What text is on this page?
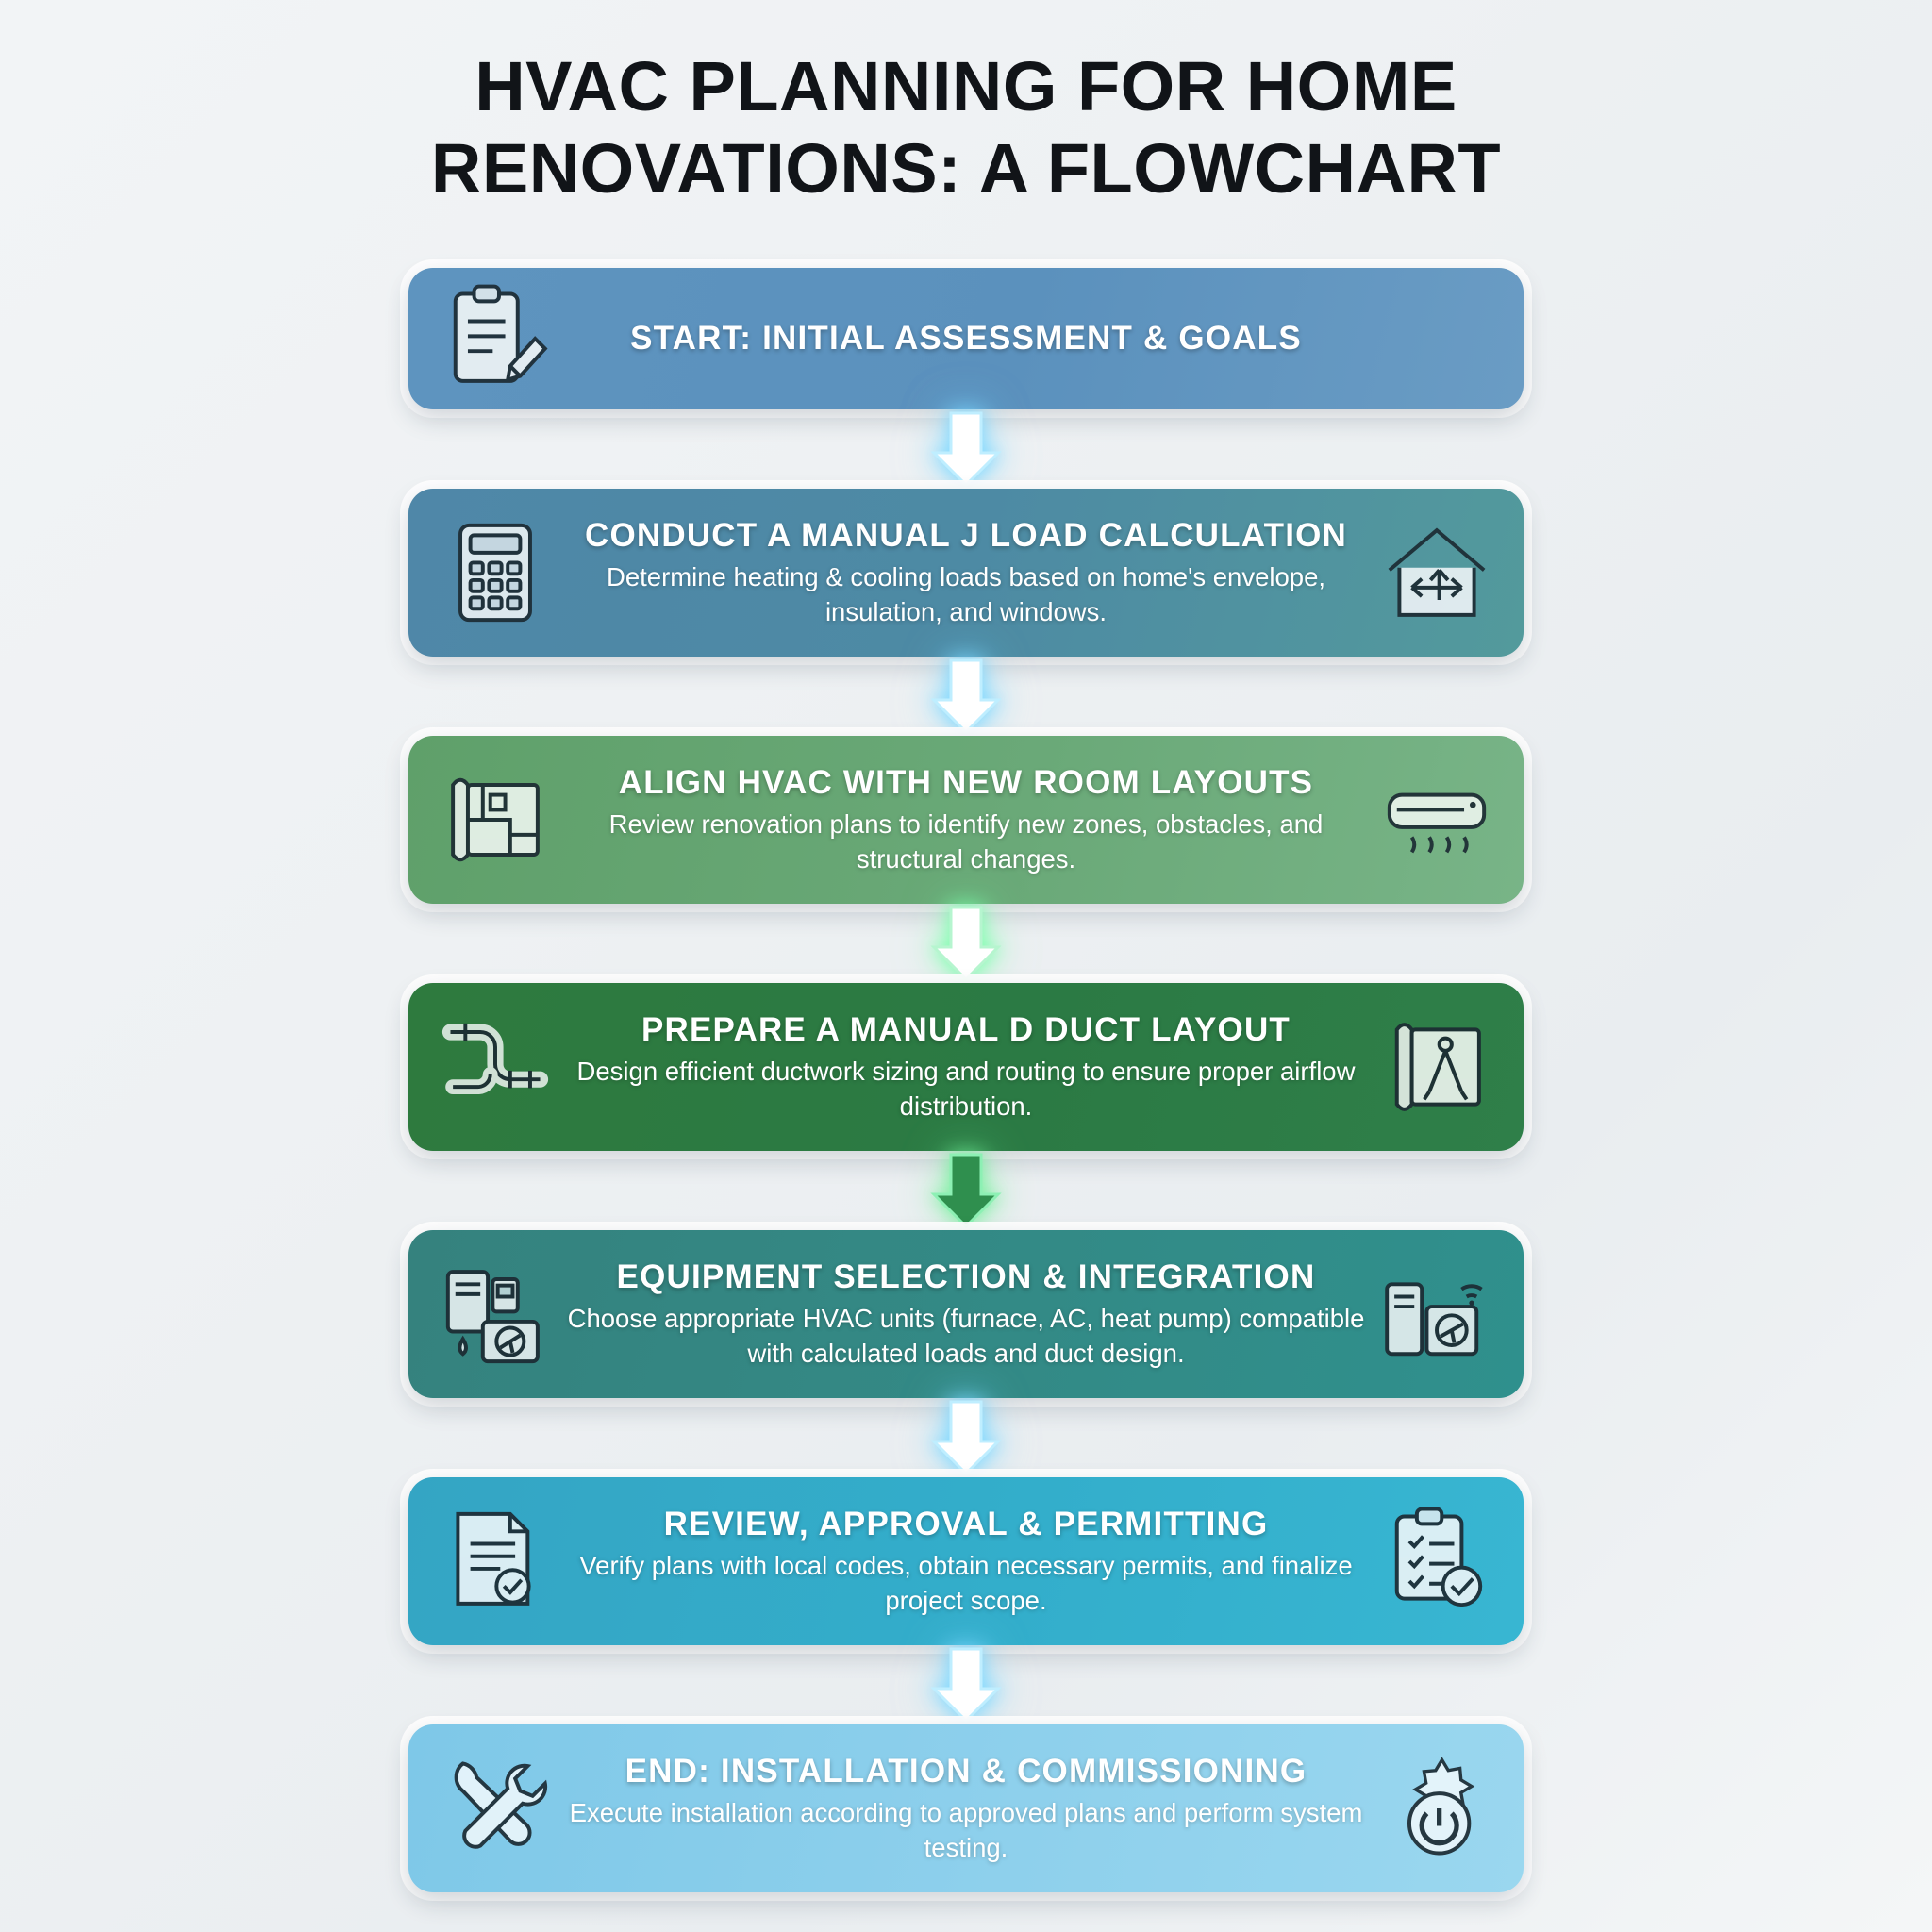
HVAC PLANNING FOR HOME
RENOVATIONS: A FLOWCHART
START: INITIAL ASSESSMENT & GOALS
CONDUCT A MANUAL J LOAD CALCULATION
Determine heating & cooling loads based on home's envelope, insulation, and windows.
ALIGN HVAC WITH NEW ROOM LAYOUTS
Review renovation plans to identify new zones, obstacles, and structural changes.
PREPARE A MANUAL D DUCT LAYOUT
Design efficient ductwork sizing and routing to ensure proper airflow distribution.
EQUIPMENT SELECTION & INTEGRATION
Choose appropriate HVAC units (furnace, AC, heat pump) compatible with calculated loads and duct design.
REVIEW, APPROVAL & PERMITTING
Verify plans with local codes, obtain necessary permits, and finalize project scope.
END: INSTALLATION & COMMISSIONING
Execute installation according to approved plans and perform system testing.
